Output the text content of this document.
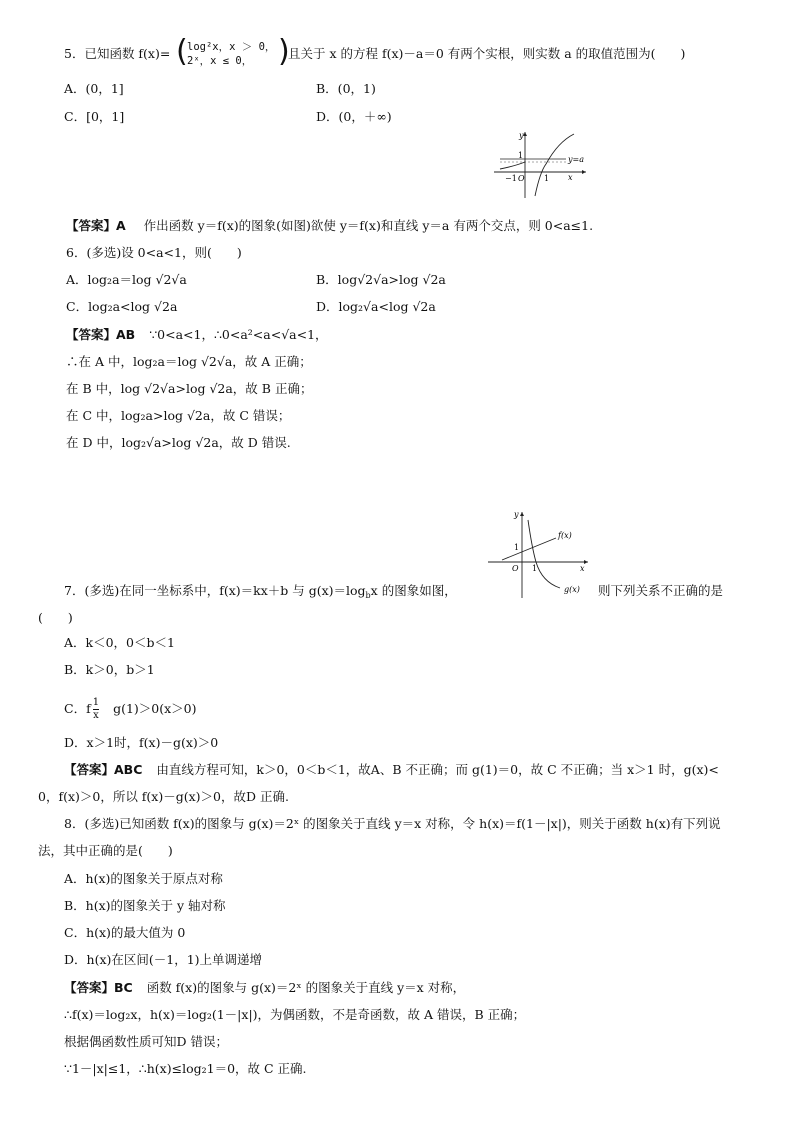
5．已知函数 f(x)= ( log²x，x ＞ 0，
2ˣ，x ≤ 0， )
且关于 x 的方程 f(x)－a＝0 有两个实根，则实数 a 的取值范围为(　　)
A．(0，1]	B．(0，1)
C．[0，1]	D．(0，＋∞)
y
1	y=a
−1 O 1 x
【答案】A 作出函数 y＝f(x)的图象(如图)欲使 y＝f(x)和直线 y＝a 有两个交点，则 0<a≤1.
6．(多选)设 0<a<1，则(　　)
A．log₂a＝log √2√a	B．log√2√a>log √2a
C．log₂a<log √2a	D．log₂√a<log √2a
【答案】AB ∵0<a<1，∴0<a²<a<√a<1，
∴在 A 中，log₂a＝log √2√a，故 A 正确；
在 B 中，log √2√a>log √2a，故 B 正确；
在 C 中，log₂a>log √2a，故 C 错误；
在 D 中，log₂√a>log √2a，故 D 错误.
y
f(x)
1
O 1	x
g(x)
7．(多选)在同一坐标系中，f(x)＝kx＋b 与 $g(x)=\log_bx$ 的图象如图，	则下列关系不正确的是
(　　)
A．k＜0，0＜b＜1
B．k＞0，b＞1
C．f $\frac{1}{x} g(1)>0(x>0)$
D．x＞1时，f(x)－g(x)＞0
【答案】ABC 由直线方程可知，k＞0，0＜b＜1，故A、B 不正确；而 g(1)＝0，故 C 不正确；当 x＞1 时，g(x)<
0，f(x)＞0，所以 f(x)－g(x)＞0，故D 正确.
8．(多选)已知函数 f(x)的图象与 g(x)＝2ˣ 的图象关于直线 y＝x 对称，令 h(x)＝f(1－|x|)，则关于函数 h(x)有下列说
法，其中正确的是(　　)
A．h(x)的图象关于原点对称
B．h(x)的图象关于 y 轴对称
C．h(x)的最大值为 0
D．h(x)在区间(－1，1)上单调递增
【答案】BC 函数 f(x)的图象与 g(x)＝2ˣ 的图象关于直线 y＝x 对称，
∴f(x)＝log₂x，h(x)＝log₂(1－|x|)，为偶函数，不是奇函数，故 A 错误，B 正确；
根据偶函数性质可知D 错误；
∵1－|x|≤1，∴h(x)≤log₂1＝0，故 C 正确.
